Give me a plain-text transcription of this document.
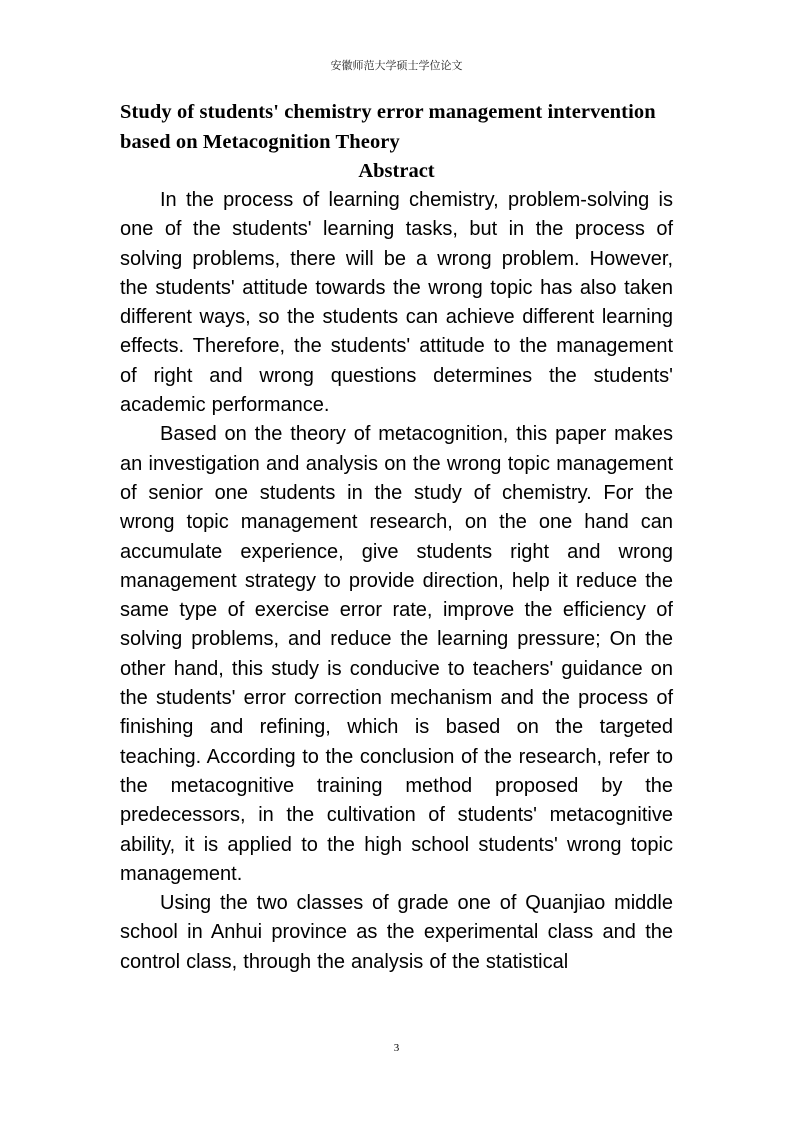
安徽师范大学硕士学位论文

Study of students' chemistry error management intervention based on Metacognition Theory

Abstract

In the process of learning chemistry, problem-solving is one of the students' learning tasks, but in the process of solving problems, there will be a wrong problem. However, the students' attitude towards the wrong topic has also taken different ways, so the students can achieve different learning effects. Therefore, the students' attitude to the management of right and wrong questions determines the students' academic performance.

Based on the theory of metacognition, this paper makes an investigation and analysis on the wrong topic management of senior one students in the study of chemistry. For the wrong topic management research, on the one hand can accumulate experience, give students right and wrong management strategy to provide direction, help it reduce the same type of exercise error rate, improve the efficiency of solving problems, and reduce the learning pressure; On the other hand, this study is conducive to teachers' guidance on the students' error correction mechanism and the process of finishing and refining, which is based on the targeted teaching. According to the conclusion of the research, refer to the metacognitive training method proposed by the predecessors, in the cultivation of students' metacognitive ability, it is applied to the high school students' wrong topic management.

Using the two classes of grade one of Quanjiao middle school in Anhui province as the experimental class and the control class, through the analysis of the statistical

3
